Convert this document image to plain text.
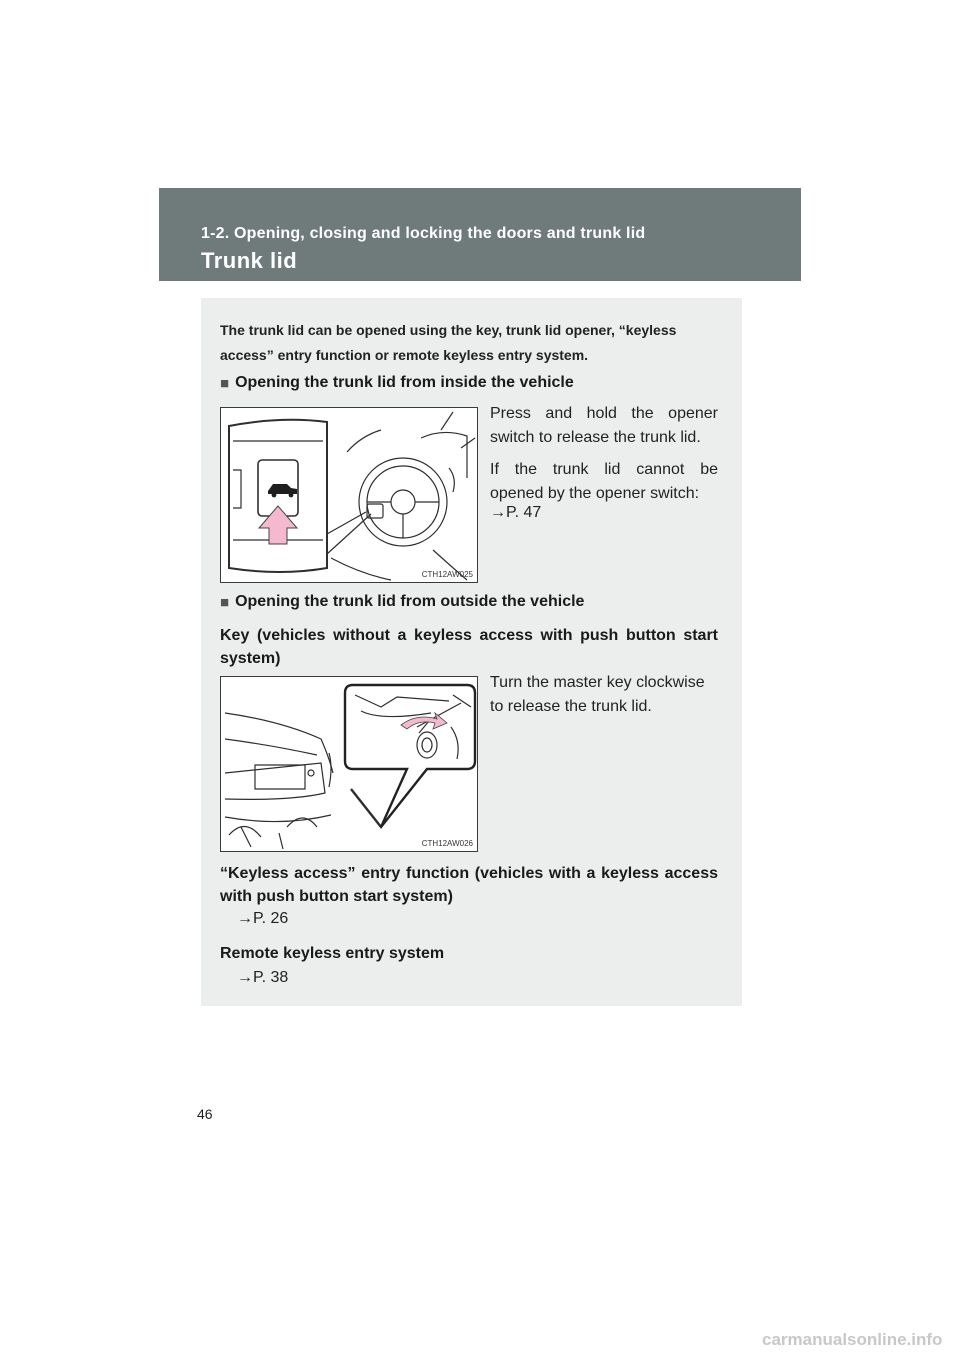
1-2. Opening, closing and locking the doors and trunk lid
Trunk lid
The trunk lid can be opened using the key, trunk lid opener, “keyless access” entry function or remote keyless entry system.
■ Opening the trunk lid from inside the vehicle
CTH12AW025
Press and hold the opener switch to release the trunk lid.
If the trunk lid cannot be opened by the opener switch:
→P. 47
■ Opening the trunk lid from outside the vehicle
Key (vehicles without a keyless access with push button start system)
CTH12AW026
Turn the master key clockwise to release the trunk lid.
“Keyless access” entry function (vehicles with a keyless access with push button start system)
→P. 26
Remote keyless entry system
→P. 38
46
carmanualsonline.info
